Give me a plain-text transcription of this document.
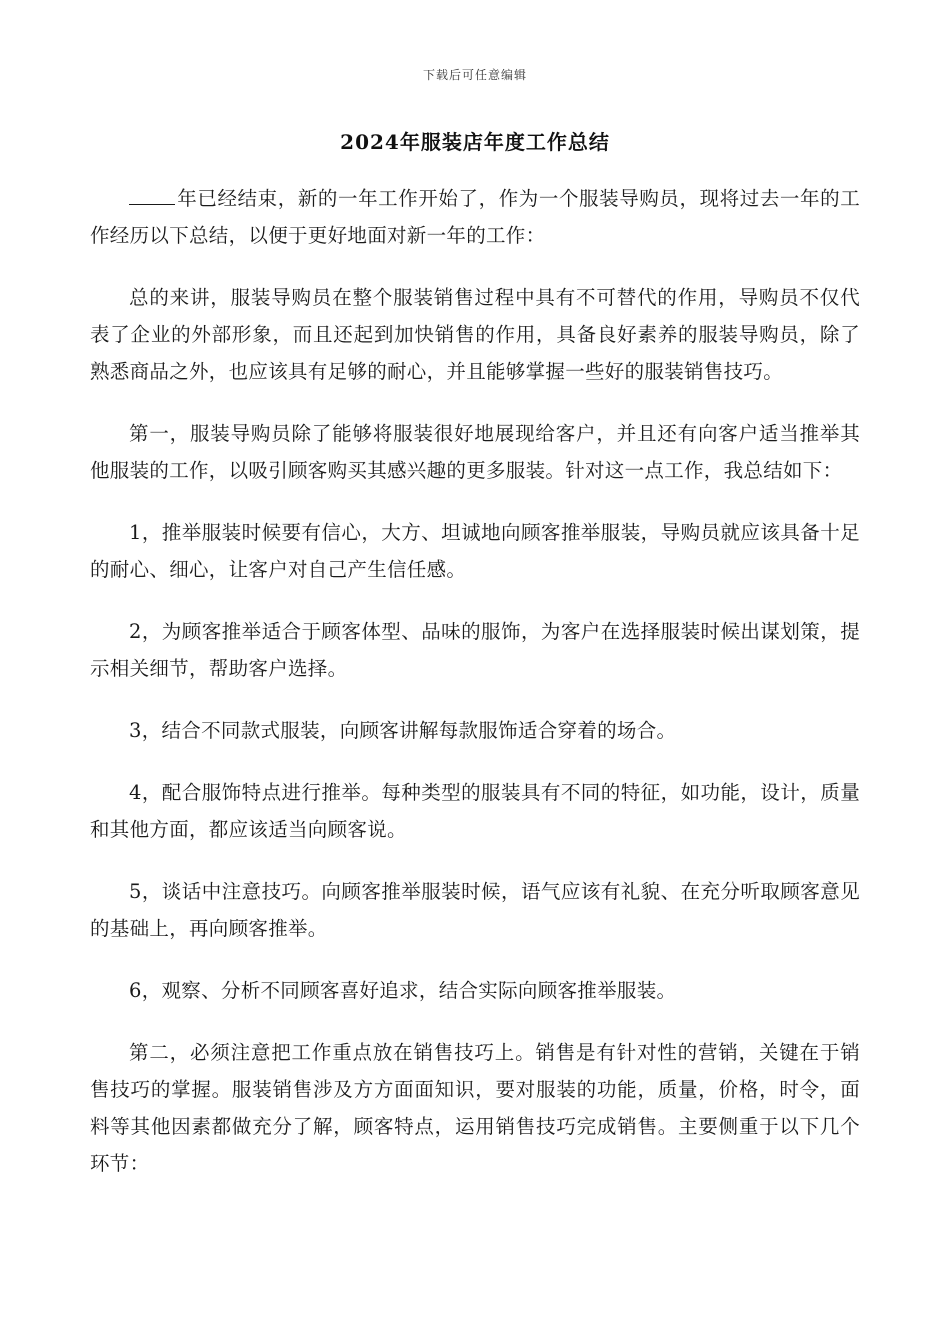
下载后可任意编辑
2024年服装店年度工作总结

年已经结束，新的一年工作开始了，作为一个服装导购员，现将过去一年的工作经历以下总结，以便于更好地面对新一年的工作：

总的来讲，服装导购员在整个服装销售过程中具有不可替代的作用，导购员不仅代表了企业的外部形象，而且还起到加快销售的作用，具备良好素养的服装导购员，除了熟悉商品之外，也应该具有足够的耐心，并且能够掌握一些好的服装销售技巧。

第一，服装导购员除了能够将服装很好地展现给客户，并且还有向客户适当推举其他服装的工作，以吸引顾客购买其感兴趣的更多服装。针对这一点工作，我总结如下：

1，推举服装时候要有信心，大方、坦诚地向顾客推举服装，导购员就应该具备十足的耐心、细心，让客户对自己产生信任感。

2，为顾客推举适合于顾客体型、品味的服饰，为客户在选择服装时候出谋划策，提示相关细节，帮助客户选择。

3，结合不同款式服装，向顾客讲解每款服饰适合穿着的场合。

4，配合服饰特点进行推举。每种类型的服装具有不同的特征，如功能，设计，质量和其他方面，都应该适当向顾客说。

5，谈话中注意技巧。向顾客推举服装时候，语气应该有礼貌、在充分听取顾客意见的基础上，再向顾客推举。

6，观察、分析不同顾客喜好追求，结合实际向顾客推举服装。

第二，必须注意把工作重点放在销售技巧上。销售是有针对性的营销，关键在于销售技巧的掌握。服装销售涉及方方面面知识，要对服装的功能，质量，价格，时令，面料等其他因素都做充分了解，顾客特点，运用销售技巧完成销售。主要侧重于以下几个环节：
